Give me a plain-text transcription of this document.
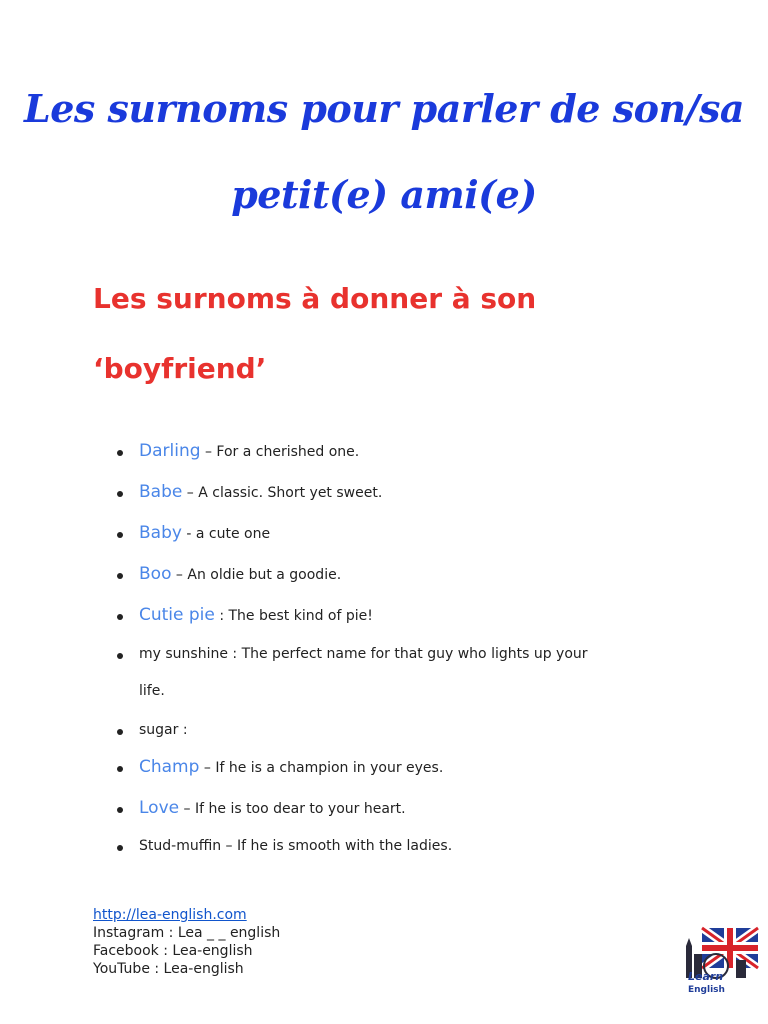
Les surnoms pour parler de son/sa
petit(e) ami(e)
Les surnoms à donner à son
‘boyfriend’
Darling – For a cherished one.
Babe – A classic. Short yet sweet.
Baby - a cute one
Boo – An oldie but a goodie.
Cutie pie : The best kind of pie!
my sunshine : The perfect name for that guy who lights up your
life.
sugar :
Champ – If he is a champion in your eyes.
Love – If he is too dear to your heart.
Stud-muffin – If he is smooth with the ladies.
http://lea-english.com
Instagram : Lea _ _ english
Facebook : Lea-english
YouTube : Lea-english	Learn
English
